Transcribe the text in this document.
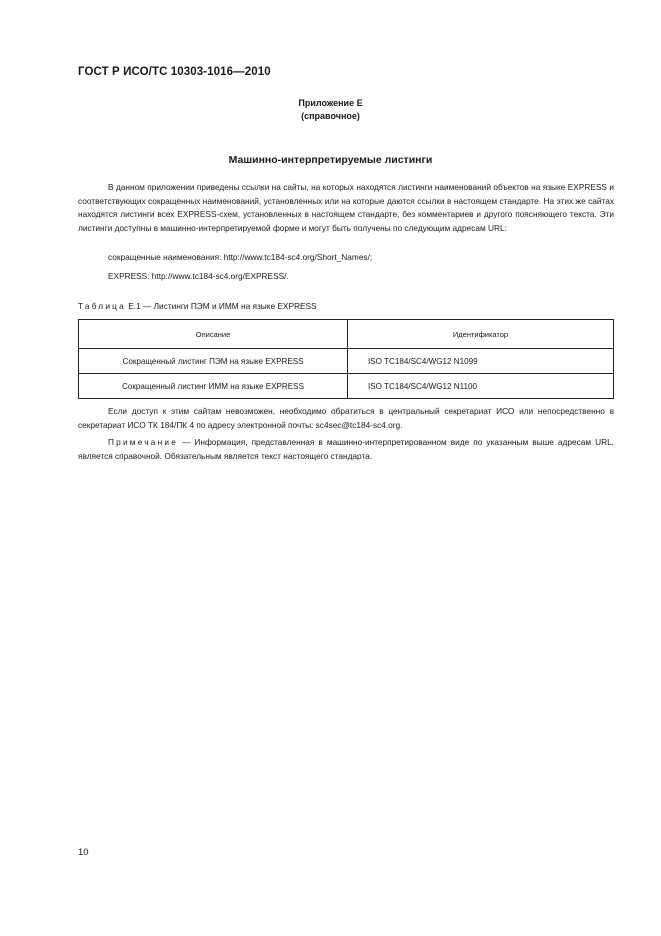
ГОСТ Р ИСО/ТС 10303-1016—2010
Приложение Е
(справочное)
Машинно-интерпретируемые листинги
В данном приложении приведены ссылки на сайты, на которых находятся листинги наименований объектов на языке EXPRESS и соответствующих сокращенных наименований, установленных или на которые даются ссылки в настоящем стандарте. На этих же сайтах находятся листинги всех EXPRESS-схем, установленных в настоящем стандарте, без комментариев и другого поясняющего текста. Эти листинги доступны в машинно-интерпретируемой форме и могут быть получены по следующим адресам URL:
сокращенные наименования: http://www.tc184-sc4.org/Short_Names/;
EXPRESS: http://www.tc184-sc4.org/EXPRESS/.
Таблица Е.1 — Листинги ПЭМ и ИММ на языке EXPRESS
Описание	Идентификатор
Сокращенный листинг ПЭМ на языке EXPRESS	ISO TC184/SC4/WG12 N1099
Сокращенный листинг ИММ на языке EXPRESS	ISO TC184/SC4/WG12 N1100
Если доступ к этим сайтам невозможен, необходимо обратиться в центральный секретариат ИСО или непосредственно в секретариат ИСО ТК 184/ПК 4 по адресу электронной почты: sc4sec@tc184-sc4.org.
Примечание — Информация, представленная в машинно-интерпретированном виде по указанным выше адресам URL, является справочной. Обязательным является текст настоящего стандарта.
10
